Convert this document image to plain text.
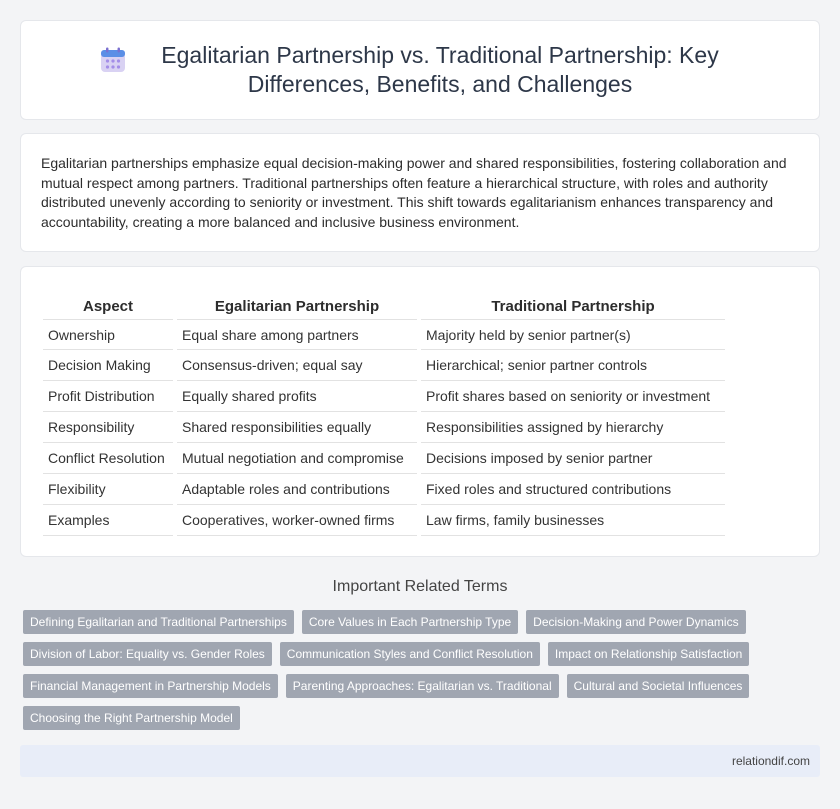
Egalitarian Partnership vs. Traditional Partnership: Key Differences, Benefits, and Challenges

Egalitarian partnerships emphasize equal decision-making power and shared responsibilities, fostering collaboration and mutual respect among partners. Traditional partnerships often feature a hierarchical structure, with roles and authority distributed unevenly according to seniority or investment. This shift towards egalitarianism enhances transparency and accountability, creating a more balanced and inclusive business environment.

Aspect	Egalitarian Partnership	Traditional Partnership
Ownership	Equal share among partners	Majority held by senior partner(s)
Decision Making	Consensus-driven; equal say	Hierarchical; senior partner controls
Profit Distribution	Equally shared profits	Profit shares based on seniority or investment
Responsibility	Shared responsibilities equally	Responsibilities assigned by hierarchy
Conflict Resolution	Mutual negotiation and compromise	Decisions imposed by senior partner
Flexibility	Adaptable roles and contributions	Fixed roles and structured contributions
Examples	Cooperatives, worker-owned firms	Law firms, family businesses
Important Related Terms
Defining Egalitarian and Traditional Partnerships	Core Values in Each Partnership Type	Decision-Making and Power Dynamics
Division of Labor: Equality vs. Gender Roles	Communication Styles and Conflict Resolution	Impact on Relationship Satisfaction
Financial Management in Partnership Models	Parenting Approaches: Egalitarian vs. Traditional	Cultural and Societal Influences
Choosing the Right Partnership Model
relationdif.com
